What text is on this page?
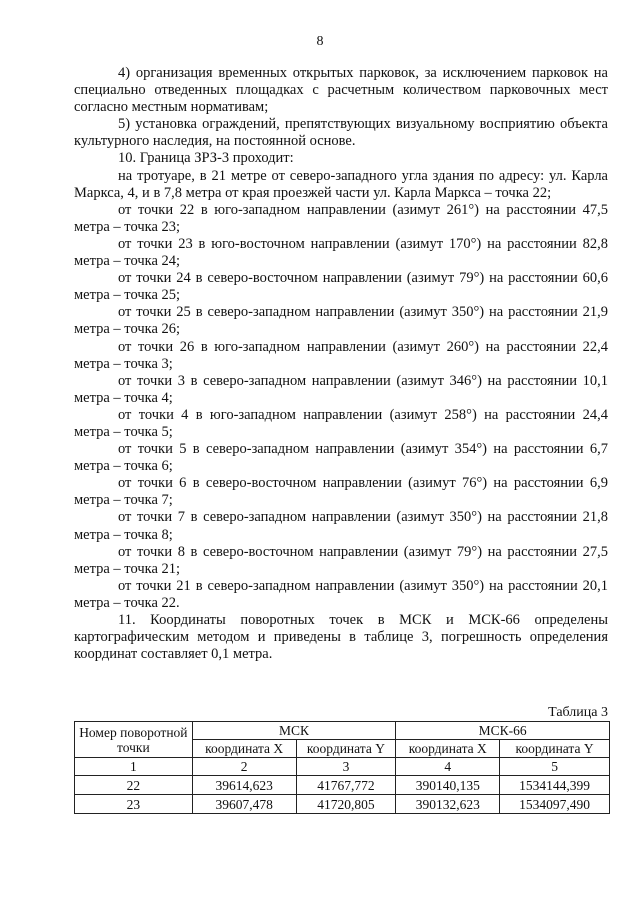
8

4) организация временных открытых парковок, за исключением парковок на специально отведенных площадках с расчетным количеством парковочных мест согласно местным нормативам;

5) установка ограждений, препятствующих визуальному восприятию объекта культурного наследия, на постоянной основе.

10. Граница ЗРЗ-3 проходит:

на тротуаре, в 21 метре от северо-западного угла здания по адресу: ул. Карла Маркса, 4, и в 7,8 метра от края проезжей части ул. Карла Маркса – точка 22;

от точки 22 в юго-западном направлении (азимут 261°) на расстоянии 47,5 метра – точка 23;

от точки 23 в юго-восточном направлении (азимут 170°) на расстоянии 82,8 метра – точка 24;

от точки 24 в северо-восточном направлении (азимут 79°) на расстоянии 60,6 метра – точка 25;

от точки 25 в северо-западном направлении (азимут 350°) на расстоянии 21,9 метра – точка 26;

от точки 26 в юго-западном направлении (азимут 260°) на расстоянии 22,4 метра – точка 3;

от точки 3 в северо-западном направлении (азимут 346°) на расстоянии 10,1 метра – точка 4;

от точки 4 в юго-западном направлении (азимут 258°) на расстоянии 24,4 метра – точка 5;

от точки 5 в северо-западном направлении (азимут 354°) на расстоянии 6,7 метра – точка 6;

от точки 6 в северо-восточном направлении (азимут 76°) на расстоянии 6,9 метра – точка 7;

от точки 7 в северо-западном направлении (азимут 350°) на расстоянии 21,8 метра – точка 8;

от точки 8 в северо-восточном направлении (азимут 79°) на расстоянии 27,5 метра – точка 21;

от точки 21 в северо-западном направлении (азимут 350°) на расстоянии 20,1 метра – точка 22.

11. Координаты поворотных точек в МСК и МСК-66 определены картографическим методом и приведены в таблице 3, погрешность определения координат составляет 0,1 метра.

Таблица 3
Номер поворотной точки	МСК		МСК-66	
	координата X	координата Y	координата X	координата Y
1	2	3	4	5
22	39614,623	41767,772	390140,135	1534144,399
23	39607,478	41720,805	390132,623	1534097,490
